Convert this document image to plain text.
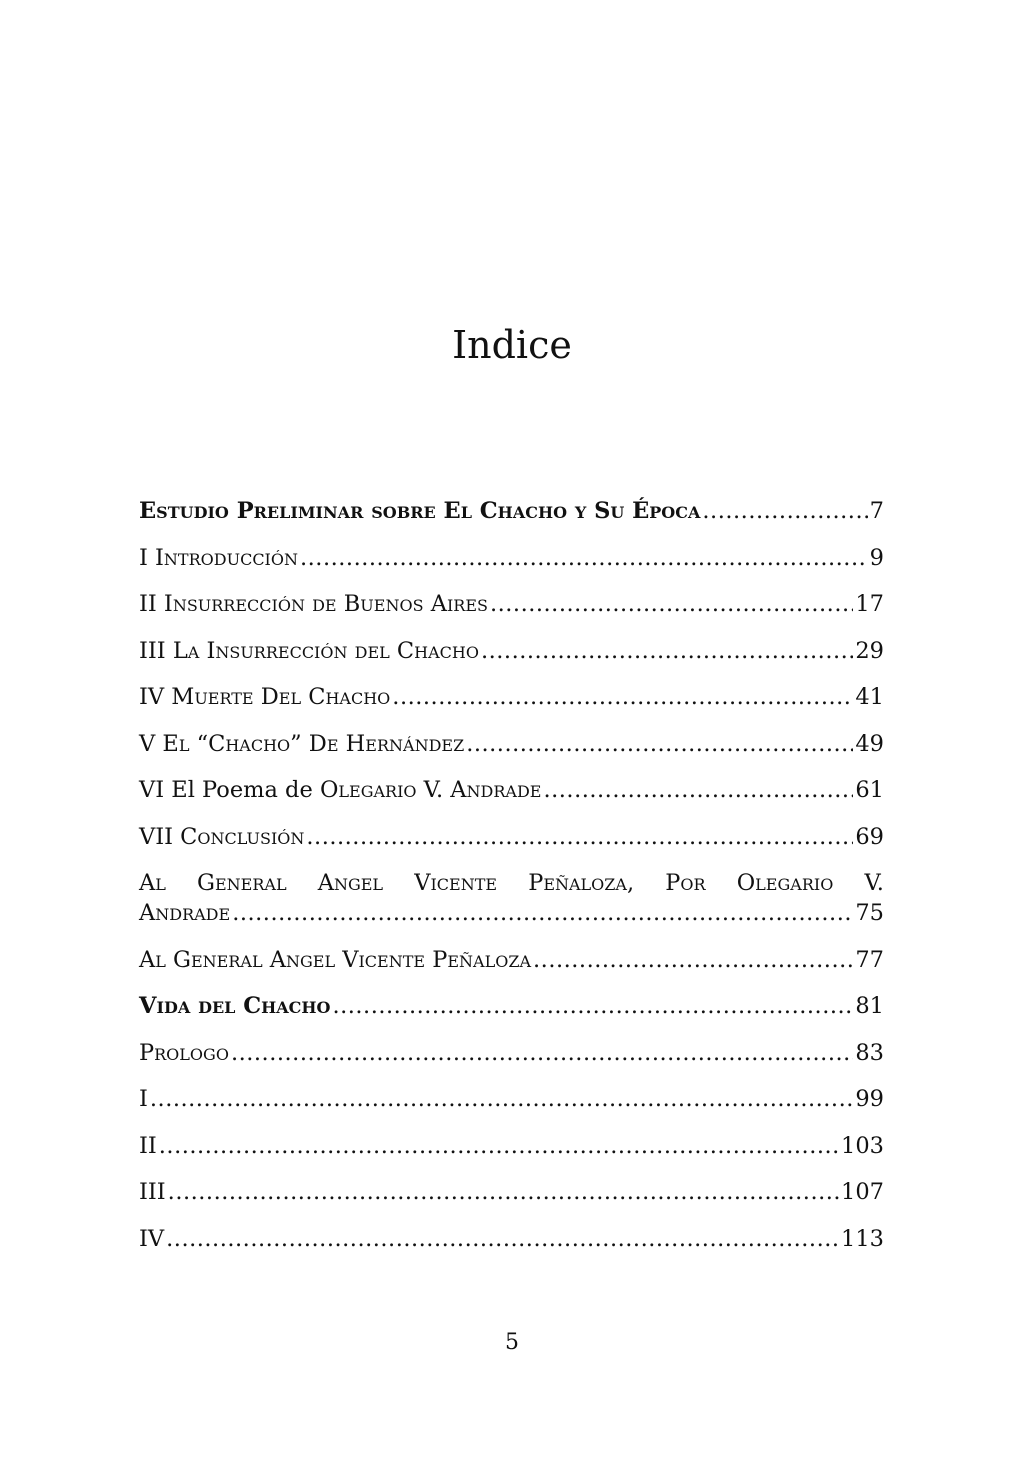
Indice
Estudio Preliminar sobre El Chacho y Su Época .....	7
I Introducción .....	9
II Insurrección de Buenos Aires .....	17
III La Insurrección del Chacho .....	29
IV Muerte Del Chacho .....	41
V El “Chacho” De Hernández .....	49
VI El Poema de Olegario V. Andrade .....	61
VII Conclusión .....	69
Al General Angel Vicente Peñaloza, Por Olegario V.
Andrade .....	75
Al General Angel Vicente Peñaloza .....	77
Vida del Chacho .....	81
Prologo .....	83
I .....	99
II .....	103
III .....	107
IV .....	113
5
